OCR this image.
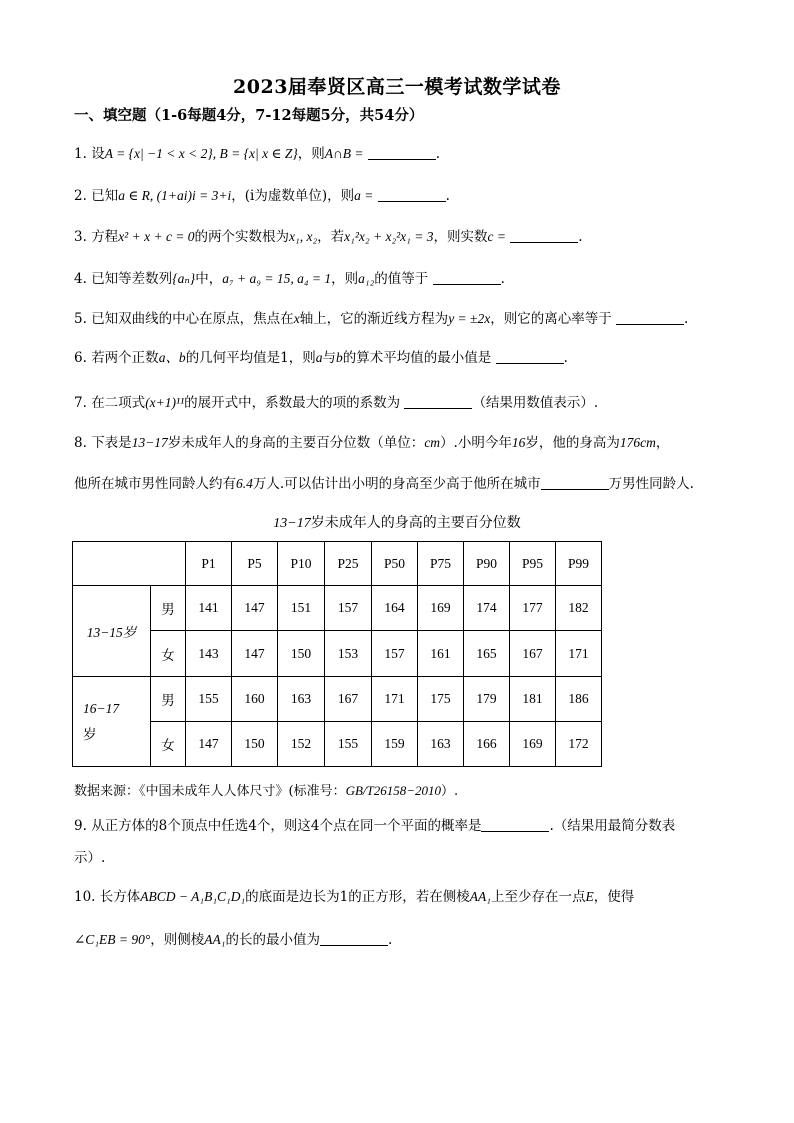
2023届奉贤区高三一模考试数学试卷
一、填空题（1-6每题4分，7-12每题5分，共54分）
1. 设A = {x| −1 < x < 2}, B = {x| x ∈ Z}，则A∩B =	.
2. 已知a ∈ R, (1+ai)i = 3+i，(i为虚数单位)，则a =	.
3. 方程x² + x + c = 0的两个实数根为x₁, x₂，若x₁²x₂ + x₂²x₁ = 3，则实数c =	.
4. 已知等差数列{aₙ}中，a₇ + a₉ = 15, a₄ = 1，则a₁₂的值等于	.
5. 已知双曲线的中心在原点，焦点在x轴上，它的渐近线方程为y = ±2x，则它的离心率等于	.
6. 若两个正数a、b的几何平均值是1，则a与b的算术平均值的最小值是	.
7. 在二项式(x+1)¹¹的展开式中，系数最大的项的系数为	（结果用数值表示）.
8. 下表是13−17岁未成年人的身高的主要百分位数（单位：cm）.小明今年16岁，他的身高为176cm，
他所在城市男性同龄人约有6.4万人.可以估计出小明的身高至少高于他所在城市	万男性同龄人.
13−17岁未成年人的身高的主要百分位数
		P1	P5	P10	P25	P50	P75	P90	P95	P99
13−15岁	男	141	147	151	157	164	169	174	177	182
	女	143	147	150	153	157	161	165	167	171

16−17
岁	男	155	160	163	167	171	175	179	181	186
	女	147	150	152	155	159	163	166	169	172
数据来源：《中国未成年人人体尺寸》(标准号：GB/T26158−2010）.
9. 从正方体的8个顶点中任选4个，则这4个点在同一个平面的概率是	.（结果用最简分数表
示）.
10. 长方体ABCD − A₁B₁C₁D₁的底面是边长为1的正方形，若在侧棱AA₁上至少存在一点E，使得
∠C₁EB = 90°，则侧棱AA₁的长的最小值为	.
